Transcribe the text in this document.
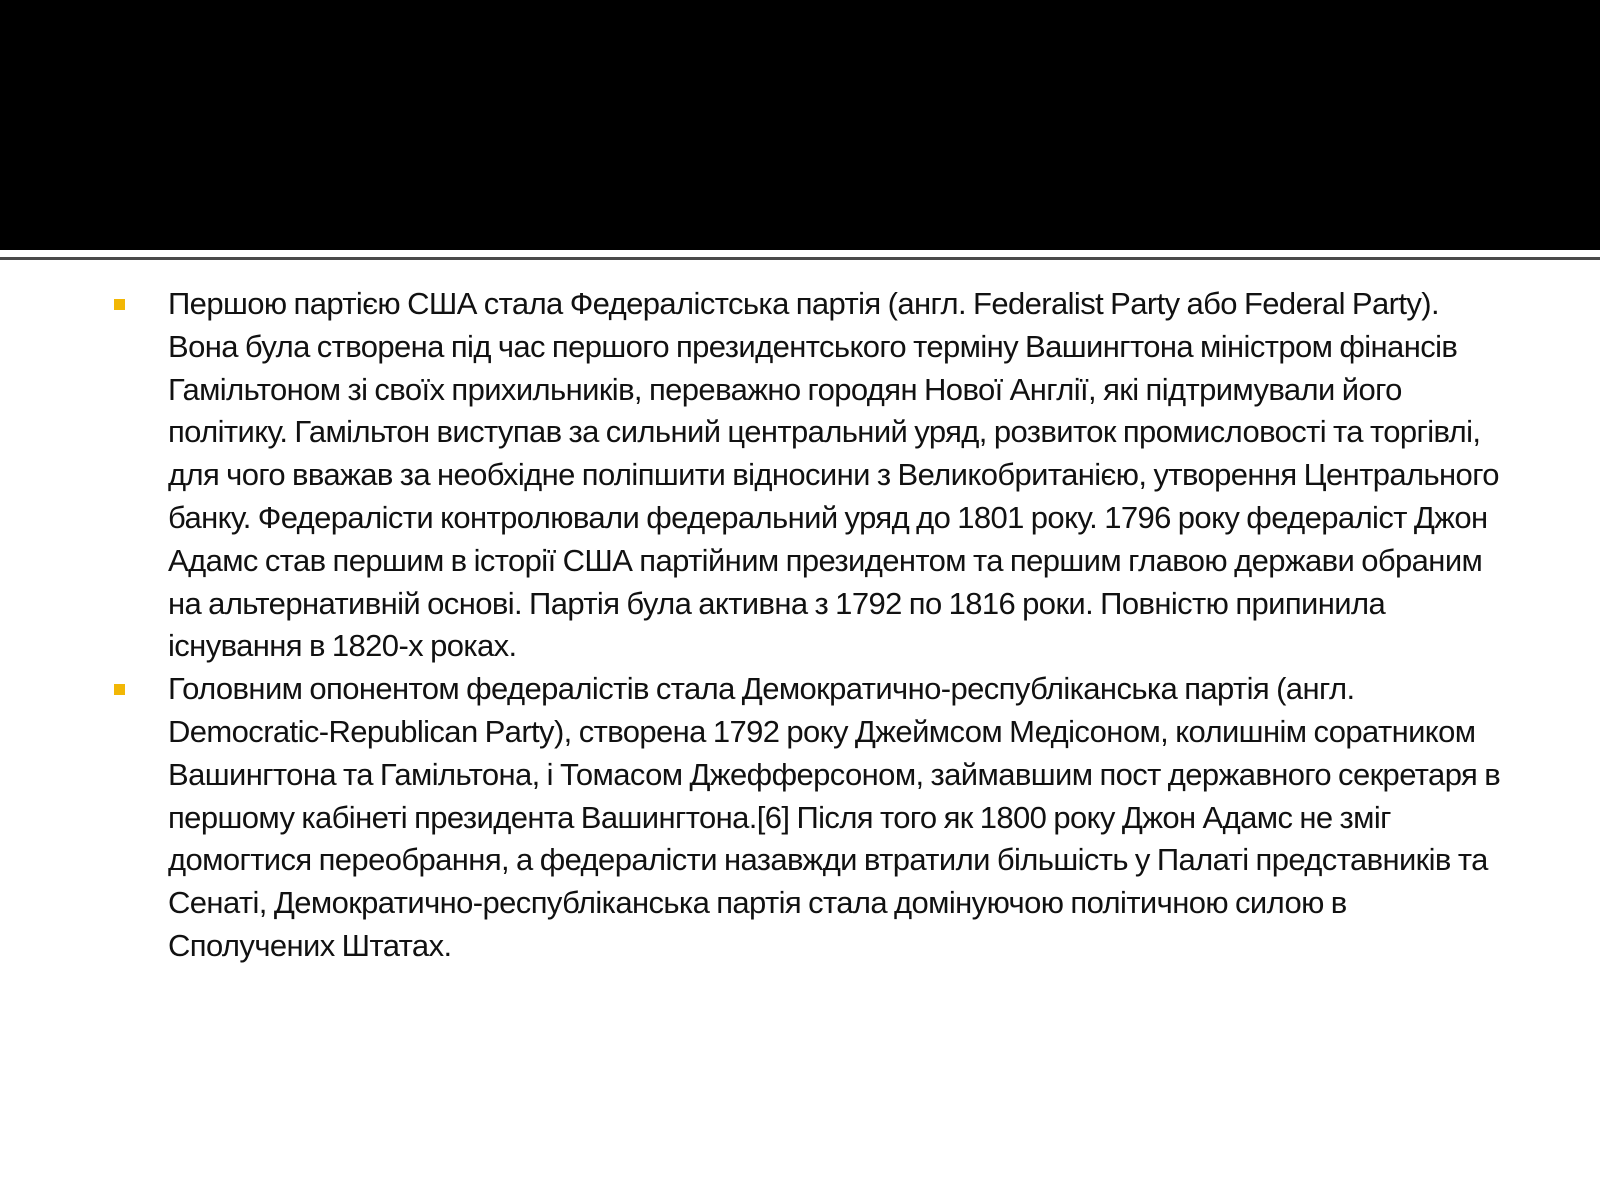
Першою партією США стала Федералістська партія (англ. Federalist Party або Federal Party). Вона була створена під час першого президентського терміну Вашингтона міністром фінансів Гамільтоном зі своїх прихильників, переважно городян Нової Англії, які підтримували його політику. Гамільтон виступав за сильний центральний уряд, розвиток промисловості та торгівлі, для чого вважав за необхідне поліпшити відносини з Великобританією, утворення Центрального банку. Федералісти контролювали федеральний уряд до 1801 року. 1796 року федераліст Джон Адамс став першим в історії США партійним президентом та першим главою держави обраним на альтернативній основі. Партія була активна з 1792 по 1816 роки. Повністю припинила існування в 1820-х роках.
Головним опонентом федералістів стала Демократично-республіканська партія (англ. Democratic-Republican Party), створена 1792 року Джеймсом Медісоном, колишнім соратником Вашингтона та Гамільтона, і Томасом Джефферсоном, займавшим пост державного секретаря в першому кабінеті президента Вашингтона.[6] Після того як 1800 року Джон Адамс не зміг домогтися переобрання, а федералісти назавжди втратили більшість у Палаті представників та Сенаті, Демократично-республіканська партія стала домінуючою політичною силою в Сполучених Штатах.
